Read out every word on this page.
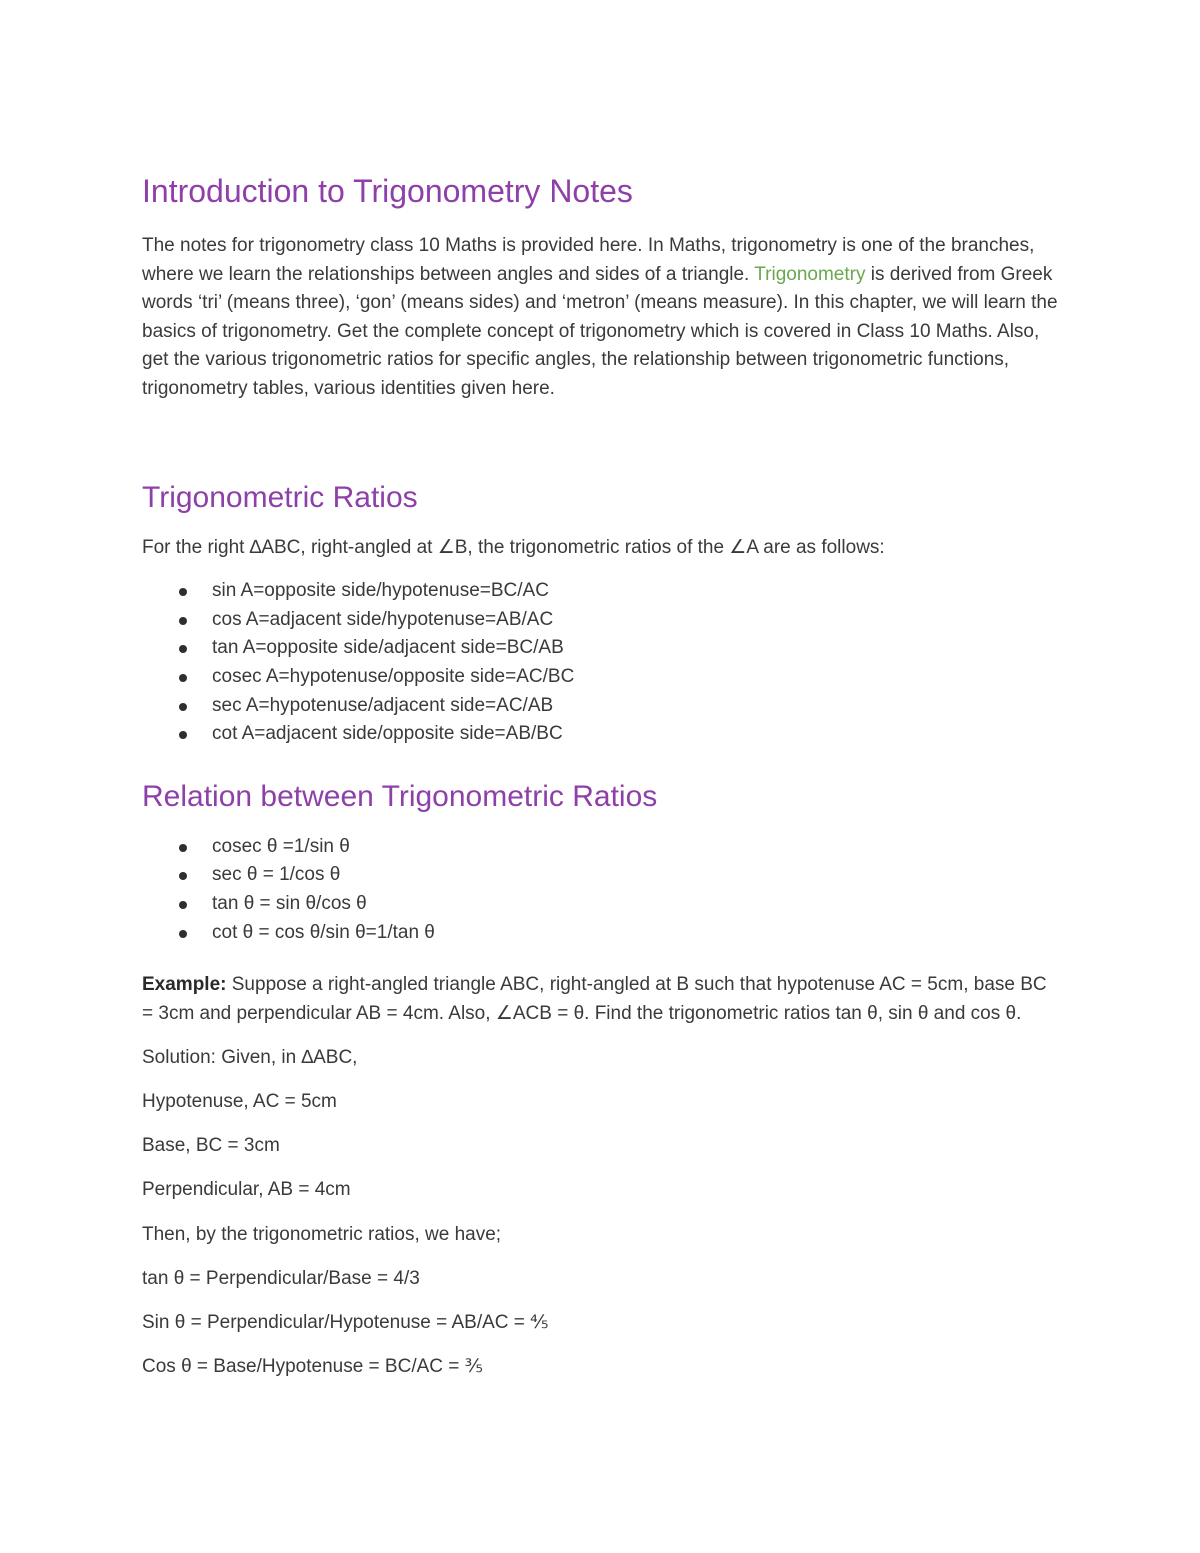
Introduction to Trigonometry Notes

The notes for trigonometry class 10 Maths is provided here. In Maths, trigonometry is one of the branches, where we learn the relationships between angles and sides of a triangle. Trigonometry is derived from Greek words ‘tri’ (means three), ‘gon’ (means sides) and ‘metron’ (means measure). In this chapter, we will learn the basics of trigonometry. Get the complete concept of trigonometry which is covered in Class 10 Maths. Also, get the various trigonometric ratios for specific angles, the relationship between trigonometric functions, trigonometry tables, various identities given here.

Trigonometric Ratios

For the right ∆ABC, right-angled at ∠B, the trigonometric ratios of the ∠A are as follows:

sin A=opposite side/hypotenuse=BC/AC
cos A=adjacent side/hypotenuse=AB/AC
tan A=opposite side/adjacent side=BC/AB
cosec A=hypotenuse/opposite side=AC/BC
sec A=hypotenuse/adjacent side=AC/AB
cot A=adjacent side/opposite side=AB/BC
Relation between Trigonometric Ratios
cosec θ =1/sin θ
sec θ = 1/cos θ
tan θ = sin θ/cos θ
cot θ = cos θ/sin θ=1/tan θ

Example: Suppose a right-angled triangle ABC, right-angled at B such that hypotenuse AC = 5cm, base BC = 3cm and perpendicular AB = 4cm. Also, ∠ACB = θ. Find the trigonometric ratios tan θ, sin θ and cos θ.

Solution: Given, in ∆ABC,

Hypotenuse, AC = 5cm

Base, BC = 3cm

Perpendicular, AB = 4cm

Then, by the trigonometric ratios, we have;

tan θ = Perpendicular/Base = 4/3

Sin θ = Perpendicular/Hypotenuse = AB/AC = ⅘

Cos θ = Base/Hypotenuse = BC/AC = ⅗
